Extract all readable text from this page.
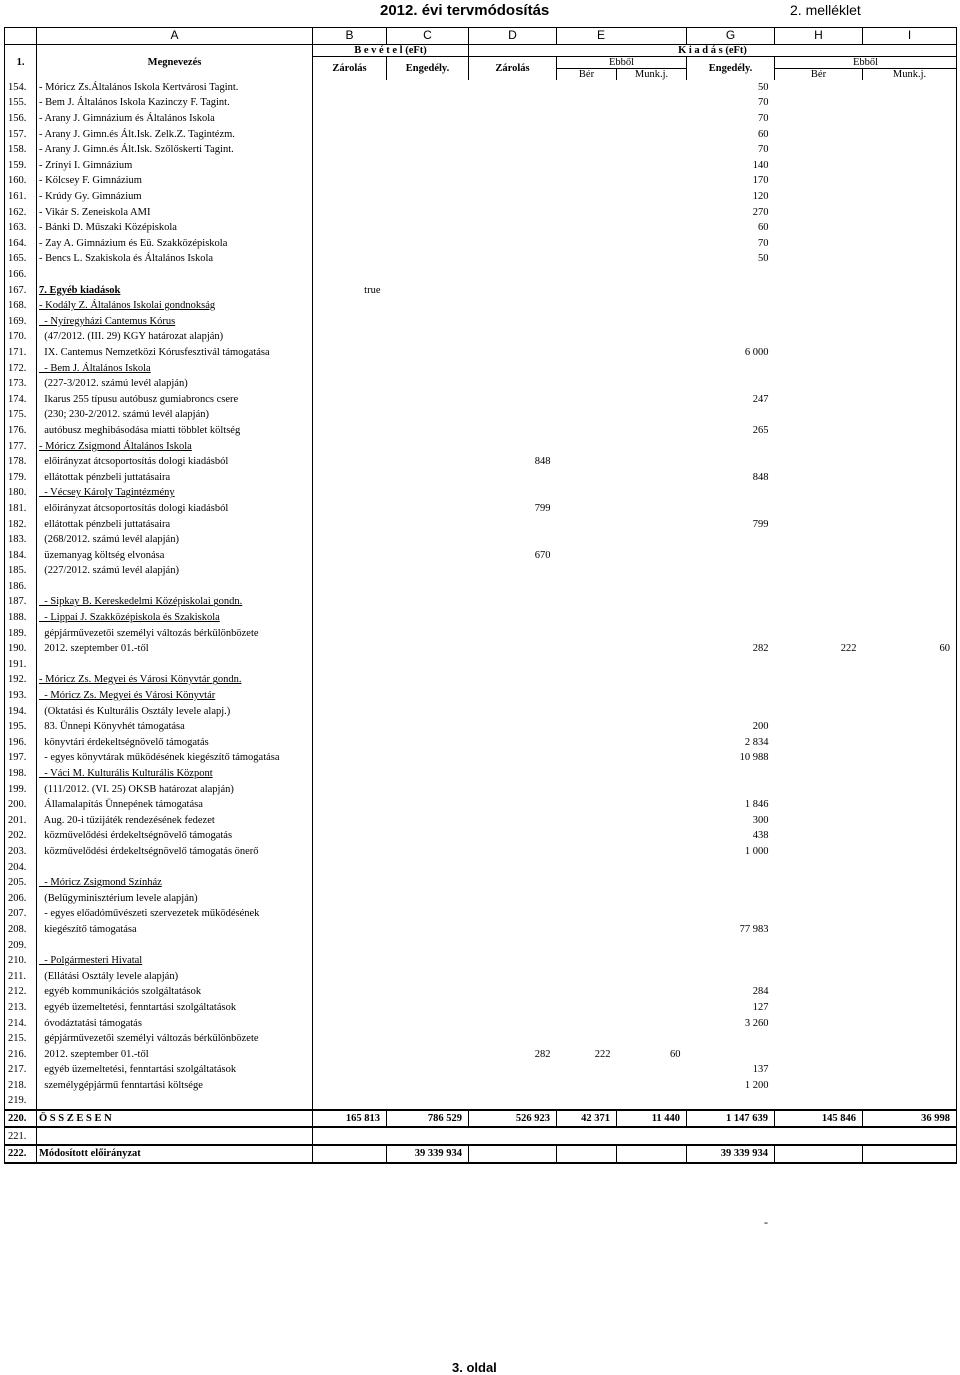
2012. évi tervmódosítás	2. melléklet
	A	B	C	D	E		G	H	I
1.	Megnevezés	B e v é t e l (eFt)		K i a d á s (eFt)					
		Zárolás	Engedély.	Zárolás	Ebből		Engedély.	Ebből	
					Bér	Munk.j.		Bér	Munk.j.
154.	- Móricz Zs.Általános Iskola Kertvárosi Tagint.						50		
155.	- Bem J. Általános Iskola Kazinczy F. Tagint.						70		
156.	- Arany J. Gimnázium és Általános Iskola						70		
157.	- Arany J. Gimn.és Ált.Isk. Zelk.Z. Tagintézm.						60		
158.	- Arany J. Gimn.és Ált.Isk. Szőlőskerti Tagint.						70		
159.	- Zrínyi I. Gimnázium						140		
160.	- Kölcsey F. Gimnázium						170		
161.	- Krúdy Gy. Gimnázium						120		
162.	- Vikár S. Zeneiskola AMI						270		
163.	- Bánki D. Műszaki Középiskola						60		
164.	- Zay A. Gimnázium és Eü. Szakközépiskola						70		
165.	- Bencs L. Szakiskola és Általános Iskola						50		
166.									
167.	7. Egyéb kiadások	true							
168.	- Kodály Z. Általános Iskolai gondnokság								
169.	- Nyíregyházi Cantemus Kórus								
170.	(47/2012. (III. 29) KGY határozat alapján)								
171.	IX. Cantemus Nemzetközi Kórusfesztivál támogatása						6 000		
172.	- Bem J. Általános Iskola								
173.	(227-3/2012. számú levél alapján)								
174.	Ikarus 255 típusu autóbusz gumiabroncs csere						247		
175.	(230; 230-2/2012. számú levél alapján)								
176.	autóbusz meghibásodása miatti többlet költség						265		
177.	- Móricz Zsigmond Általános Iskola								
178.	előirányzat átcsoportosítás dologi kiadásból			848					
179.	ellátottak pénzbeli juttatásaira						848		
180.	- Vécsey Károly Tagintézmény								
181.	előirányzat átcsoportosítás dologi kiadásból			799					
182.	ellátottak pénzbeli juttatásaira						799		
183.	(268/2012. számú levél alapján)								
184.	üzemanyag költség elvonása			670					
185.	(227/2012. számú levél alapján)								
186.									
187.	- Sipkay B. Kereskedelmi Középiskolai gondn.								
188.	- Lippai J. Szakközépiskola és Szakiskola								
189.	gépjárművezetői személyi változás bérkülönbözete								
190.	2012. szeptember 01.-től						282	222	60
191.									
192.	- Móricz Zs. Megyei és Városi Könyvtár gondn.								
193.	- Móricz Zs. Megyei és Városi Könyvtár								
194.	(Oktatási és Kulturális Osztály levele alapj.)								
195.	83. Ünnepi Könyvhét támogatása						200		
196.	könyvtári érdekeltségnövelő támogatás						2 834		
197.	- egyes könyvtárak működésének kiegészítő támogatása						10 988		
198.	- Váci M. Kulturális Kulturális Központ								
199.	(111/2012. (VI. 25) OKSB határozat alapján)								
200.	Államalapítás Ünnepének támogatása						1 846		
201.	Aug. 20-i tűzijáték rendezésének fedezet						300		
202.	közművelődési érdekeltségnövelő támogatás						438		
203.	közművelődési érdekeltségnövelő támogatás önerő						1 000		
204.									
205.	- Móricz Zsigmond Színház								
206.	(Belügyminisztérium levele alapján)								
207.	- egyes előadóművészeti szervezetek működésének								
208.	kiegészítő támogatása						77 983		
209.									
210.	- Polgármesteri Hivatal								
211.	(Ellátási Osztály levele alapján)								
212.	egyéb kommunikációs szolgáltatások						284		
213.	egyéb üzemeltetési, fenntartási szolgáltatások						127		
214.	óvodáztatási támogatás						3 260		
215.	gépjárművezetői személyi változás bérkülönbözete								
216.	2012. szeptember 01.-től			282	222	60			
217.	egyéb üzemeltetési, fenntartási szolgáltatások						137		
218.	személygépjármű fenntartási költsége						1 200		
219.									
220.	Ö S S Z E S E N	165 813	786 529	526 923	42 371	11 440	1 147 639	145 846	36 998
221.									
222.	Módosított előirányzat		39 339 934				39 339 934		
-
3. oldal
